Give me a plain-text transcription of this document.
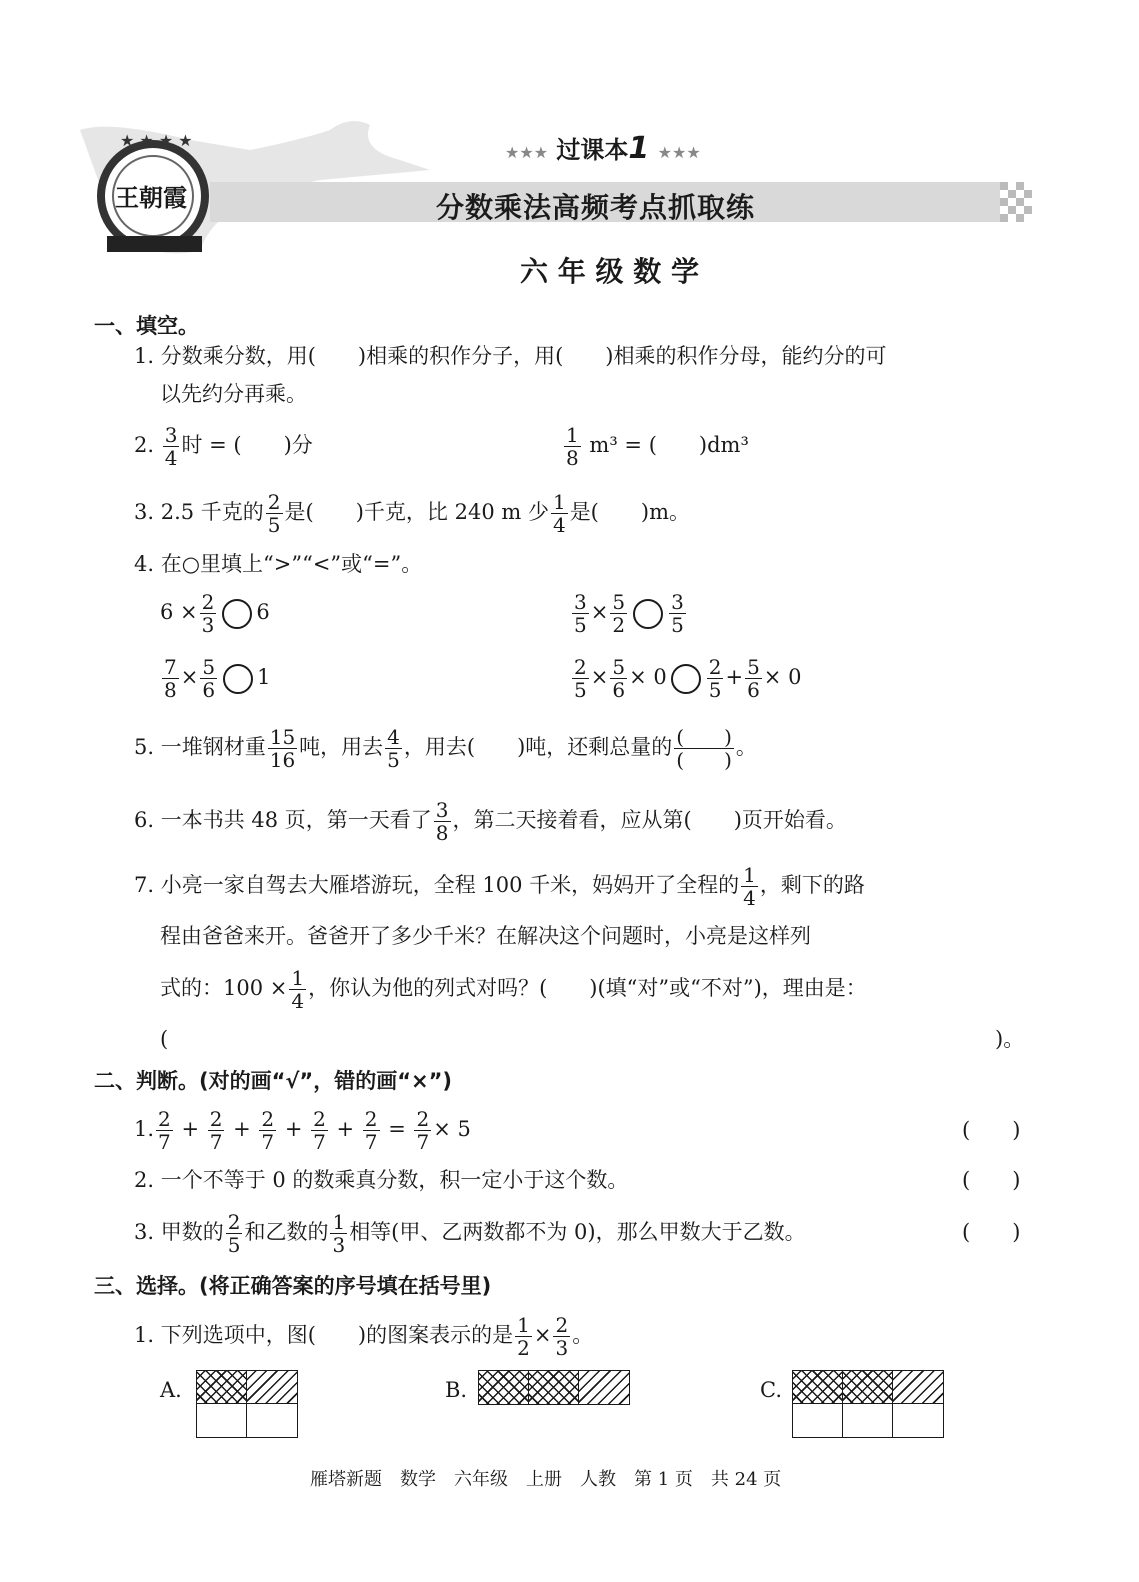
★ ★ ★ ★
王朝霞
★★★ 过课本1 ★★★
分数乘法高频考点抓取练
六 年 级 数 学
一、填空。
1. 分数乘分数，用(　　)相乘的积作分子，用(　　)相乘的积作分母，能约分的可
以先约分再乘。
2. $\frac{3}{4}$ 时 = (　　)分	$\frac{1}{8} m^3$ = (　　)dm³
3. 2.5 千克的 $\frac{2}{5}$ 是(　　)千克，比 240 m 少 $\frac{1}{4}$ 是(　　)m。
4. 在○里填上“>”“<”或“=”。
$6 \times \frac{2}{3} 6$	$\frac{3}{5} \times \frac{5}{2} \frac{3}{5}$
$\frac{7}{8} \times \frac{5}{6} 1$	$\frac{2}{5} \times \frac{5}{6} \times 0 \frac{2}{5} + \frac{5}{6} \times 0$
5. 一堆钢材重 $\frac{15}{16}$ 吨，用去 $\frac{4}{5}$ ，用去(　　)吨，还剩总量的 $\frac{( )}{( )}$ 。
6. 一本书共 48 页，第一天看了 $\frac{3}{8}$ ，第二天接着看，应从第(　　)页开始看。
7. 小亮一家自驾去大雁塔游玩，全程 100 千米，妈妈开了全程的 $\frac{1}{4}$ ，剩下的路
程由爸爸来开。爸爸开了多少千米？在解决这个问题时，小亮是这样列
式的：$100 \times \frac{1}{4}$ ，你认为他的列式对吗？(　　)(填“对”或“不对”)，理由是：
(	)。
二、判断。(对的画“√”，错的画“×”)
1. $\frac{2}{7} + \frac{2}{7} + \frac{2}{7} + \frac{2}{7} + \frac{2}{7} = \frac{2}{7} \times 5$	(　　)
2. 一个不等于 0 的数乘真分数，积一定小于这个数。	(　　)
3. 甲数的 $\frac{2}{5}$ 和乙数的 $\frac{1}{3}$ 相等(甲、乙两数都不为 0)，那么甲数大于乙数。	(　　)
三、选择。(将正确答案的序号填在括号里)
1. 下列选项中，图(　　)的图案表示的是 $\frac{1}{2} \times \frac{2}{3}$ 。
A.	B.	C.
雁塔新题　数学　六年级　上册　人教　第 1 页　共 24 页
